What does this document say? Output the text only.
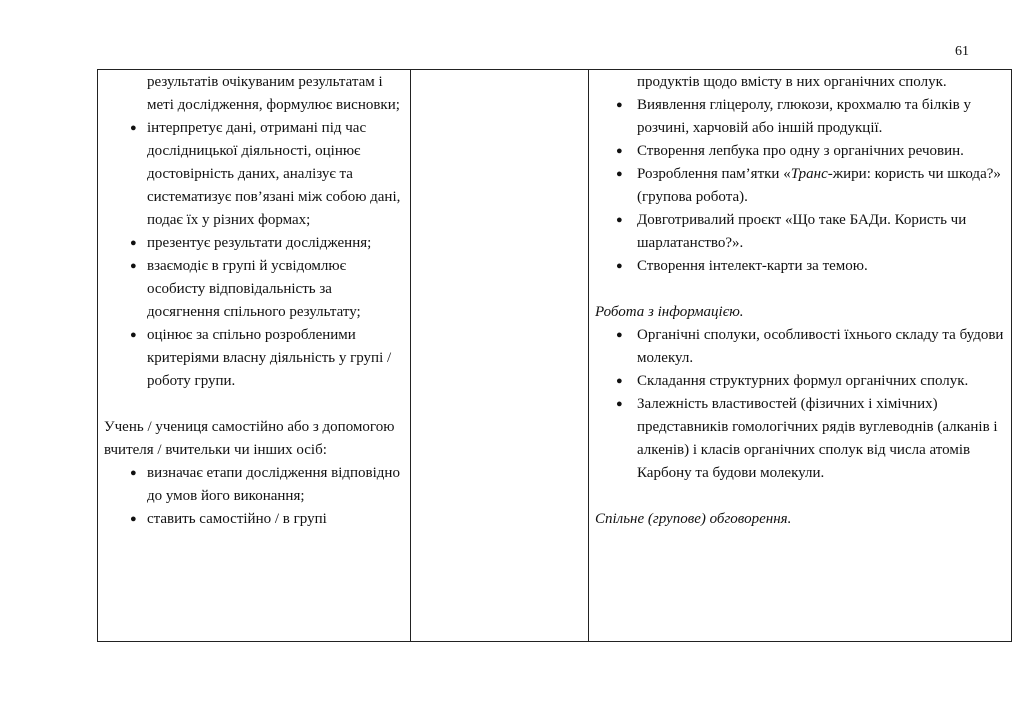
61
результатів очікуваним результатам і меті дослідження, формулює висновки;
● інтерпретує дані, отримані під час дослідницької діяльності, оцінює достовірність даних, аналізує та систематизує пов’язані між собою дані, подає їх у різних формах;
● презентує результати дослідження;
● взаємодіє в групі й усвідомлює особисту відповідальність за досягнення спільного результату;
● оцінює за спільно розробленими критеріями власну діяльність у групі / роботу групи.

Учень / учениця самостійно або з допомогою вчителя / вчительки чи інших осіб:

● визначає етапи дослідження відповідно до умов його виконання;
● ставить самостійно / в групі

продуктів щодо вмісту в них органічних сполук.
● Виявлення гліцеролу, глюкози, крохмалю та білків у розчині, харчовій або іншій продукції.
● Створення лепбука про одну з органічних речовин.
● Розроблення пам’ятки «Транс-жири: користь чи шкода?» (групова робота).
● Довготривалий проєкт «Що таке БАДи. Користь чи шарлатанство?».
● Створення інтелект-карти за темою.

Робота з інформацією.

● Органічні сполуки, особливості їхнього складу та будови молекул.
● Складання структурних формул органічних сполук.
● Залежність властивостей (фізичних і хімічних) представників гомологічних рядів вуглеводнів (алканів і алкенів) і класів органічних сполук від числа атомів Карбону та будови молекули.

Спільне (групове) обговорення.
